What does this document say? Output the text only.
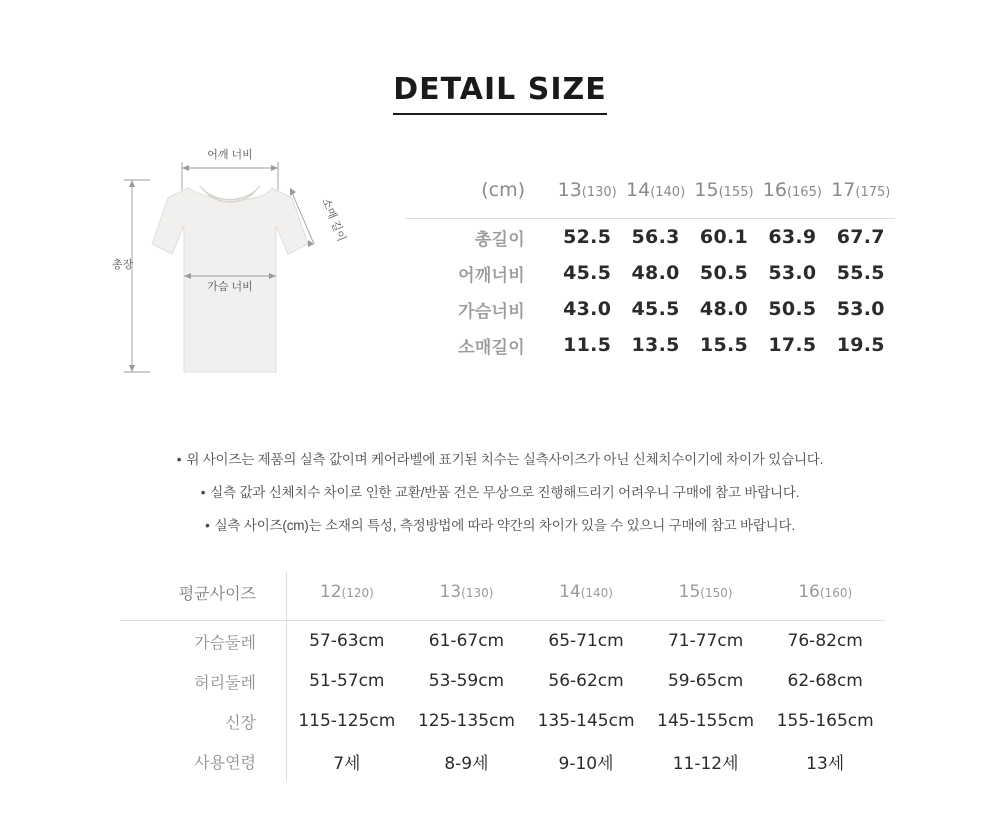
DETAIL SIZE
어깨 너비
가슴 너비
총장
소매 길이
(cm)	13(130)	14(140)	15(155)	16(165)	17(175)
총길이	52.5	56.3	60.1	63.9	67.7
어깨너비	45.5	48.0	50.5	53.0	55.5
가슴너비	43.0	45.5	48.0	50.5	53.0
소매길이	11.5	13.5	15.5	17.5	19.5
• 위 사이즈는 제품의 실측 값이며 케어라벨에 표기된 치수는 실측사이즈가 아닌 신체치수이기에 차이가 있습니다.
• 실측 값과 신체치수 차이로 인한 교환/반품 건은 무상으로 진행해드리기 어려우니 구매에 참고 바랍니다.
• 실측 사이즈(cm)는 소재의 특성, 측정방법에 따라 약간의 차이가 있을 수 있으니 구매에 참고 바랍니다.
평균사이즈	12(120)	13(130)	14(140)	15(150)	16(160)
가슴둘레	57-63cm	61-67cm	65-71cm	71-77cm	76-82cm
허리둘레	51-57cm	53-59cm	56-62cm	59-65cm	62-68cm
신장	115-125cm	125-135cm	135-145cm	145-155cm	155-165cm
사용연령	7세	8-9세	9-10세	11-12세	13세
